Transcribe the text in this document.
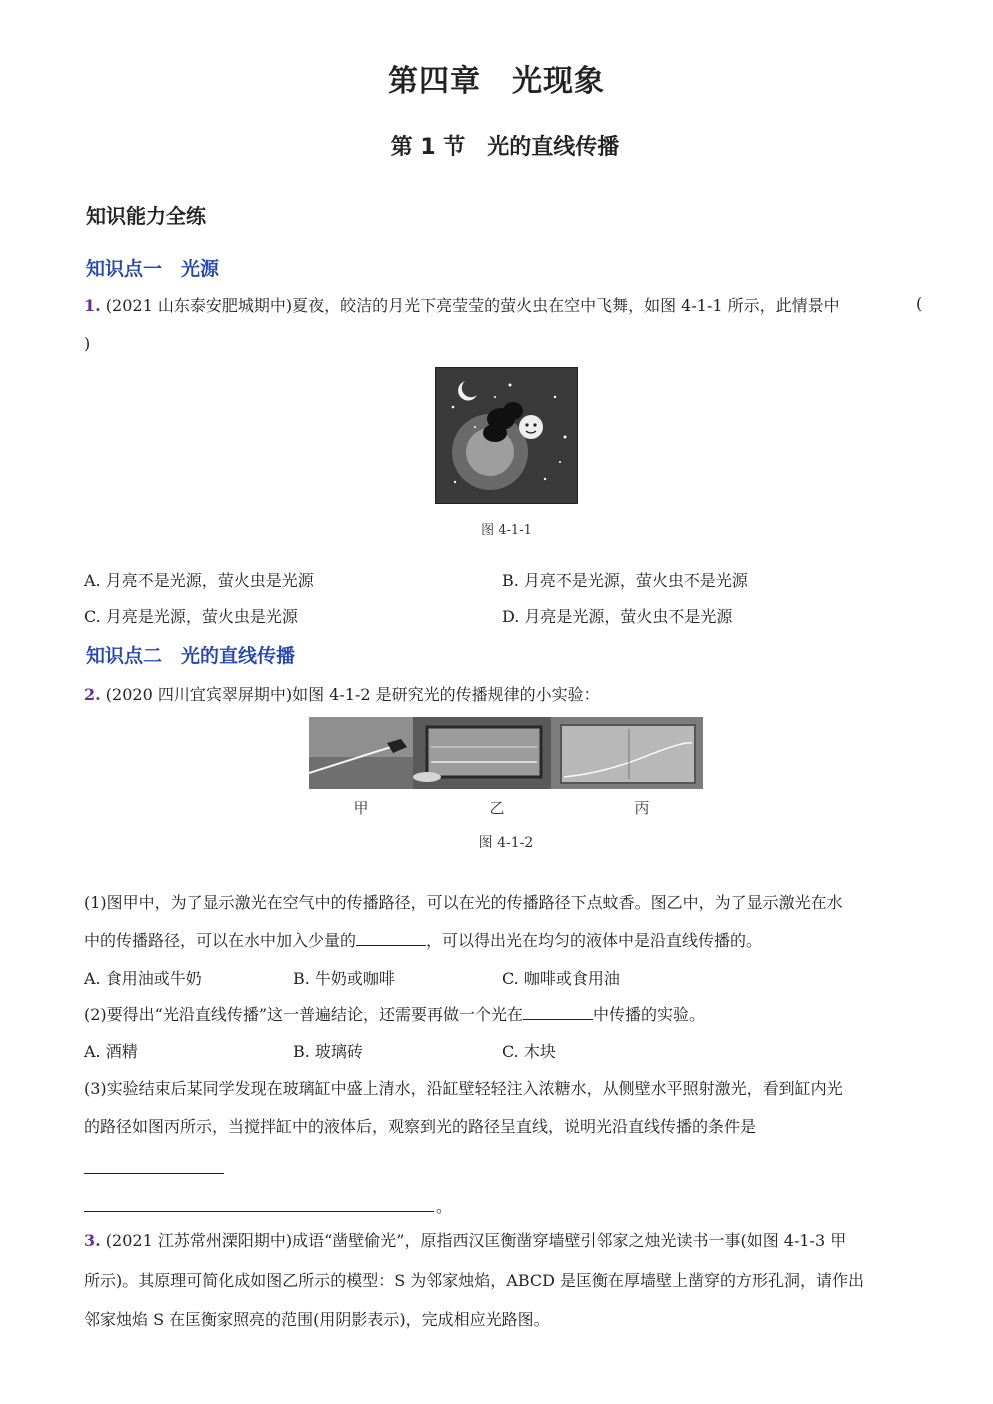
第四章　光现象
第 1 节　光的直线传播
知识能力全练
知识点一　光源
1. (2021 山东泰安肥城期中)夏夜，皎洁的月光下亮莹莹的萤火虫在空中飞舞，如图 4-1-1 所示，此情景中	(
)
图 4-1-1
A. 月亮不是光源，萤火虫是光源	B. 月亮不是光源，萤火虫不是光源
C. 月亮是光源，萤火虫是光源	D. 月亮是光源，萤火虫不是光源
知识点二　光的直线传播
2. (2020 四川宜宾翠屏期中)如图 4-1-2 是研究光的传播规律的小实验：
甲	乙	丙
图 4-1-2
(1)图甲中，为了显示激光在空气中的传播路径，可以在光的传播路径下点蚊香。图乙中，为了显示激光在水
中的传播路径，可以在水中加入少量的	，可以得出光在均匀的液体中是沿直线传播的。
A. 食用油或牛奶	B. 牛奶或咖啡	C. 咖啡或食用油
(2)要得出“光沿直线传播”这一普遍结论，还需要再做一个光在	中传播的实验。
A. 酒精	B. 玻璃砖	C. 木块
(3)实验结束后某同学发现在玻璃缸中盛上清水，沿缸壁轻轻注入浓糖水，从侧壁水平照射激光，看到缸内光
的路径如图丙所示，当搅拌缸中的液体后，观察到光的路径呈直线，说明光沿直线传播的条件是
。
3. (2021 江苏常州溧阳期中)成语“凿壁偷光”，原指西汉匡衡凿穿墙壁引邻家之烛光读书一事(如图 4-1-3 甲
所示)。其原理可简化成如图乙所示的模型：S 为邻家烛焰，ABCD 是匡衡在厚墙壁上凿穿的方形孔洞，请作出
邻家烛焰 S 在匡衡家照亮的范围(用阴影表示)，完成相应光路图。
